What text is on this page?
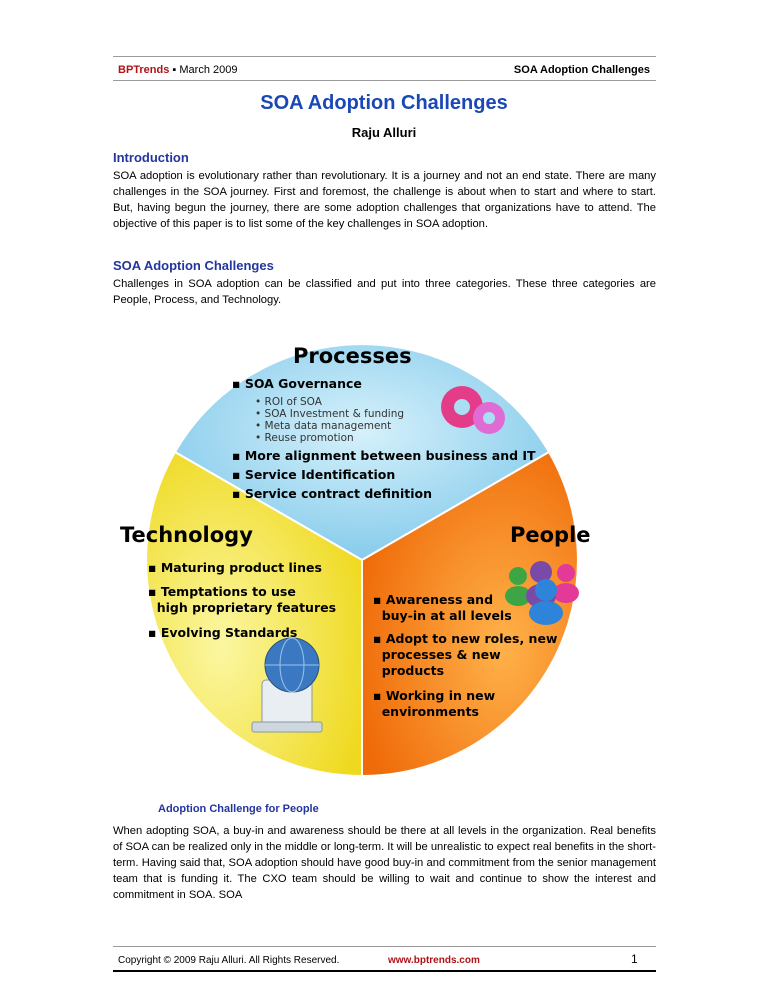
BPTrends ▪ March 2009	SOA Adoption Challenges
SOA Adoption Challenges
Raju Alluri
Introduction
SOA adoption is evolutionary rather than revolutionary. It is a journey and not an end state. There are many challenges in the SOA journey. First and foremost, the challenge is about when to start and where to start. But, having begun the journey, there are some adoption challenges that organizations have to attend. The objective of this paper is to list some of the key challenges in SOA adoption.
SOA Adoption Challenges
Challenges in SOA adoption can be classified and put into three categories. These three categories are People, Process, and Technology.
Processes
▪ SOA Governance
• ROI of SOA
• SOA Investment & funding
• Meta data management
• Reuse promotion
▪ More alignment between business and IT
▪ Service Identification
▪ Service contract definition
Technology
▪ Maturing product lines
▪ Temptations to use
high proprietary features
▪ Evolving Standards
People
▪ Awareness and
buy-in at all levels
▪ Adopt to new roles, new
processes & new
products
▪ Working in new
environments
Adoption Challenge for People
When adopting SOA, a buy-in and awareness should be there at all levels in the organization. Real benefits of SOA can be realized only in the middle or long-term. It will be unrealistic to expect real benefits in the short-term. Having said that, SOA adoption should have good buy-in and commitment from the senior management team that is funding it. The CXO team should be willing to wait and continue to show the interest and commitment in SOA. SOA
Copyright © 2009 Raju Alluri. All Rights Reserved.	www.bptrends.com	1
